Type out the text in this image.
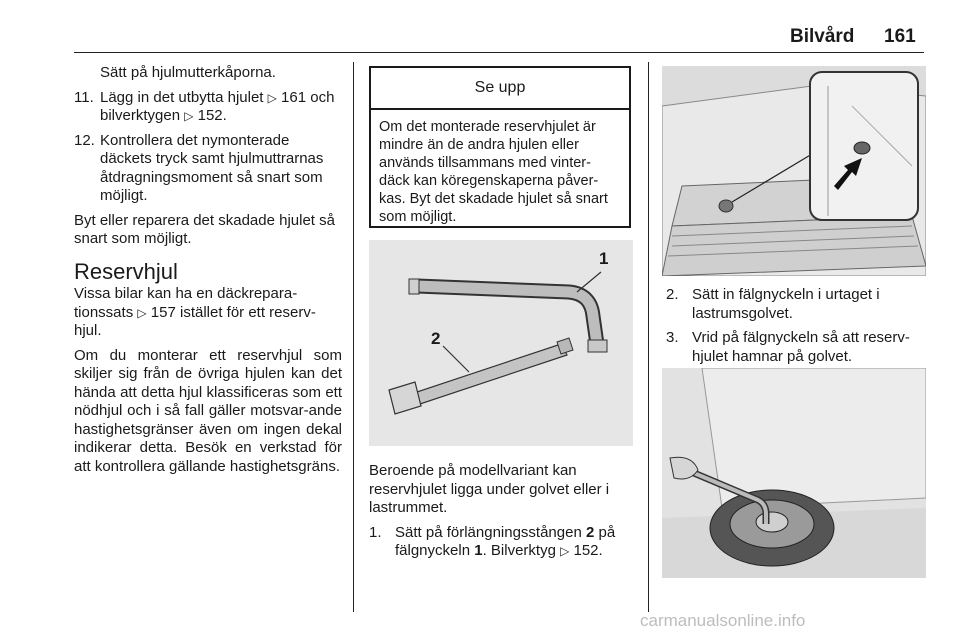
Bilvård 161
Sätt på hjulmutterkåporna.
11. Lägg in det utbytta hjulet ▷ 161 och bilverktygen ▷ 152.
12. Kontrollera det nymonterade däckets tryck samt hjulmuttrarnas åtdragningsmoment så snart som möjligt.

Byt eller reparera det skadade hjulet så snart som möjligt.

Reservhjul

Vissa bilar kan ha en däckrepara-tionssats ▷ 157 istället för ett reserv-hjul.

Om du monterar ett reservhjul som skiljer sig från de övriga hjulen kan det hända att detta hjul klassificeras som ett nödhjul och i så fall gäller motsvar-ande hastighetsgränser även om ingen dekal indikerar detta. Besök en verkstad för att kontrollera gällande hastighetsgräns.

Se upp
Om det monterade reservhjulet är mindre än de andra hjulen eller används tillsammans med vinter-däck kan köregenskaperna påver-kas. Byt det skadade hjulet så snart som möjligt.
1
2

Beroende på modellvariant kan reservhjulet ligga under golvet eller i lastrummet.

1. Sätt på förlängningsstången 2 på fälgnyckeln 1. Bilverktyg ▷ 152.
2. Sätt in fälgnyckeln i urtaget i lastrumsgolvet.
3. Vrid på fälgnyckeln så att reserv-hjulet hamnar på golvet.
carmanualsonline.info
